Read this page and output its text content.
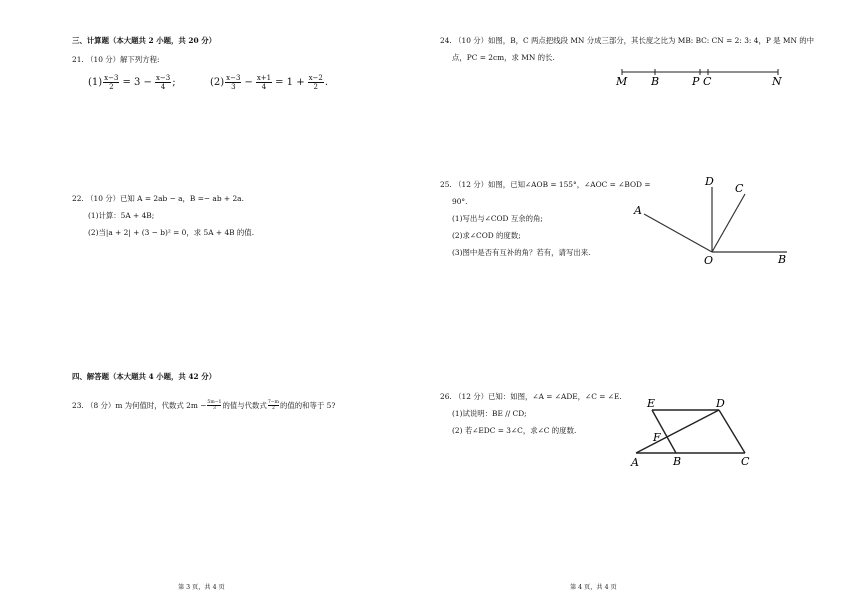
三、计算题（本大题共 2 小题，共 20 分）
21. （10 分）解下列方程:
$(1) \frac{x-3}{2} = 3 - \frac{x-3}{4}$ ;	$(2) \frac{x-3}{3} - \frac{x+1}{4} = 1 + \frac{x-2}{2}$ .
22. （10 分）已知 A = 2ab − a，B =− ab + 2a.
(1)计算：5A + 4B;
(2)当|a + 2| + (3 − b)² = 0，求 5A + 4B 的值.
四、解答题（本大题共 4 小题，共 42 分）
23. （8 分）m 为何值时，代数式 $2m - \frac{5m-1}{3}$ 的值与代数式 $\frac{7-m}{2}$ 的值的和等于 5?
第 3 页，共 4 页
24. （10 分）如图，B，C 两点把线段 MN 分成三部分，其长度之比为 MB: BC: CN = 2: 3: 4，P 是 MN 的中
点，PC = 2cm，求 MN 的长.
M B	P C	N
D
C
A
O	B
E	D
F
A	B	C
25. （12 分）如图，已知∠AOB = 155°，∠AOC = ∠BOD =
90°.
(1)写出与∠COD 互余的角;
(2)求∠COD 的度数;
(3)图中是否有互补的角？若有，请写出来.
26. （12 分）已知：如图，∠A = ∠ADE，∠C = ∠E.
(1)试说明：BE // CD;
(2) 若∠EDC = 3∠C，求∠C 的度数.
第 4 页，共 4 页
